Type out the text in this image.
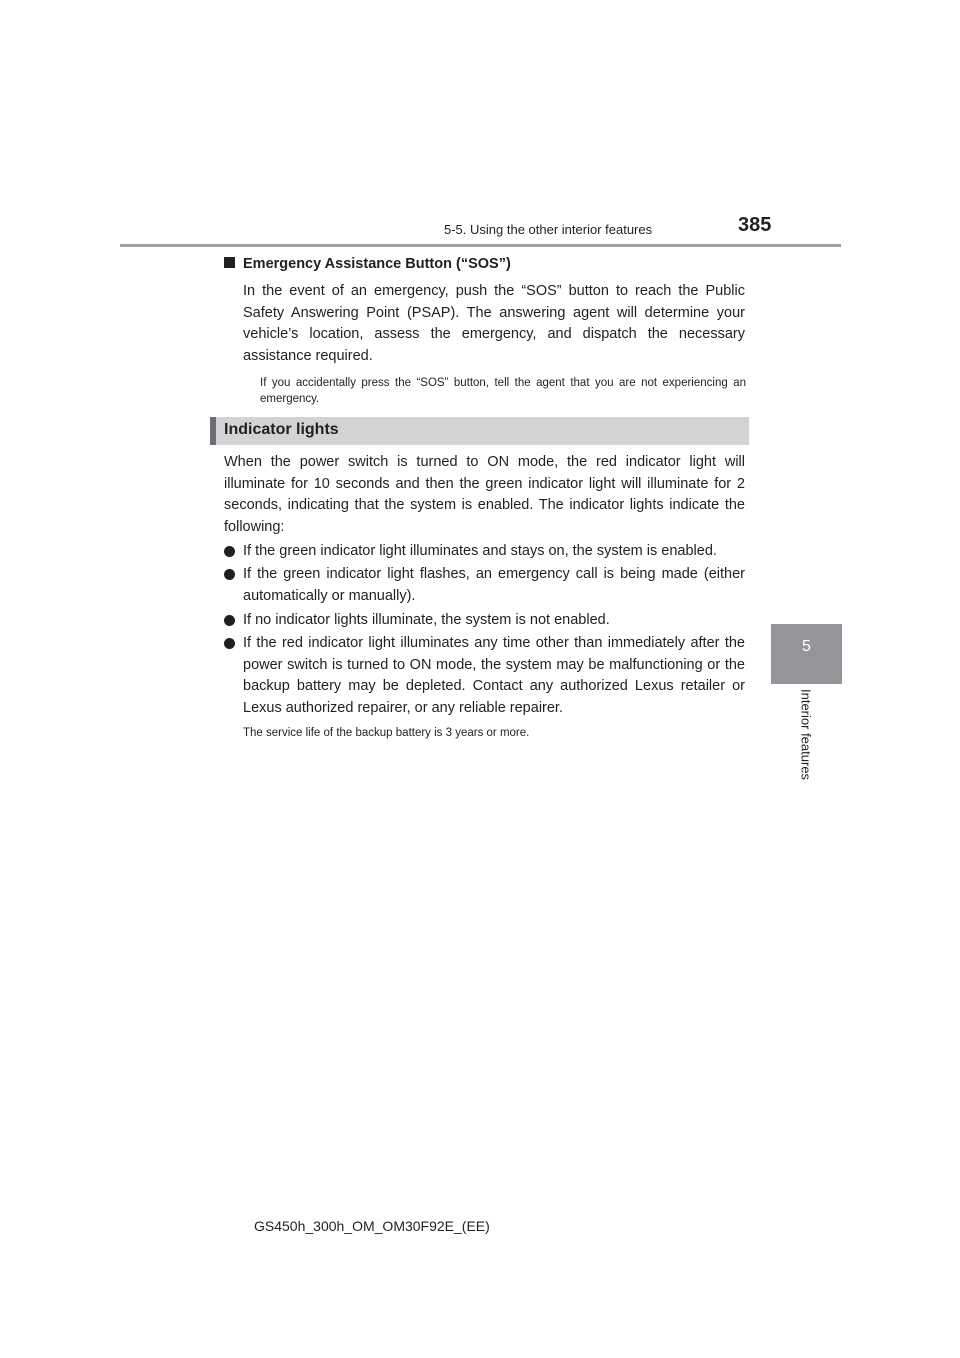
5-5. Using the other interior features	385
5
Interior features
Emergency Assistance Button (“SOS”)
In the event of an emergency, push the “SOS” button to reach the Public Safety Answering Point (PSAP). The answering agent will determine your vehicle’s location, assess the emergency, and dispatch the necessary assistance required.
If you accidentally press the “SOS” button, tell the agent that you are not experiencing an emergency.
Indicator lights
When the power switch is turned to ON mode, the red indicator light will illuminate for 10 seconds and then the green indicator light will illuminate for 2 seconds, indicating that the system is enabled. The indicator lights indicate the following:
If the green indicator light illuminates and stays on, the system is enabled.
If the green indicator light flashes, an emergency call is being made (either automatically or manually).
If no indicator lights illuminate, the system is not enabled.
If the red indicator light illuminates any time other than immediately after the power switch is turned to ON mode, the system may be malfunctioning or the backup battery may be depleted. Contact any authorized Lexus retailer or Lexus authorized repairer, or any reliable repairer.
The service life of the backup battery is 3 years or more.
GS450h_300h_OM_OM30F92E_(EE)
